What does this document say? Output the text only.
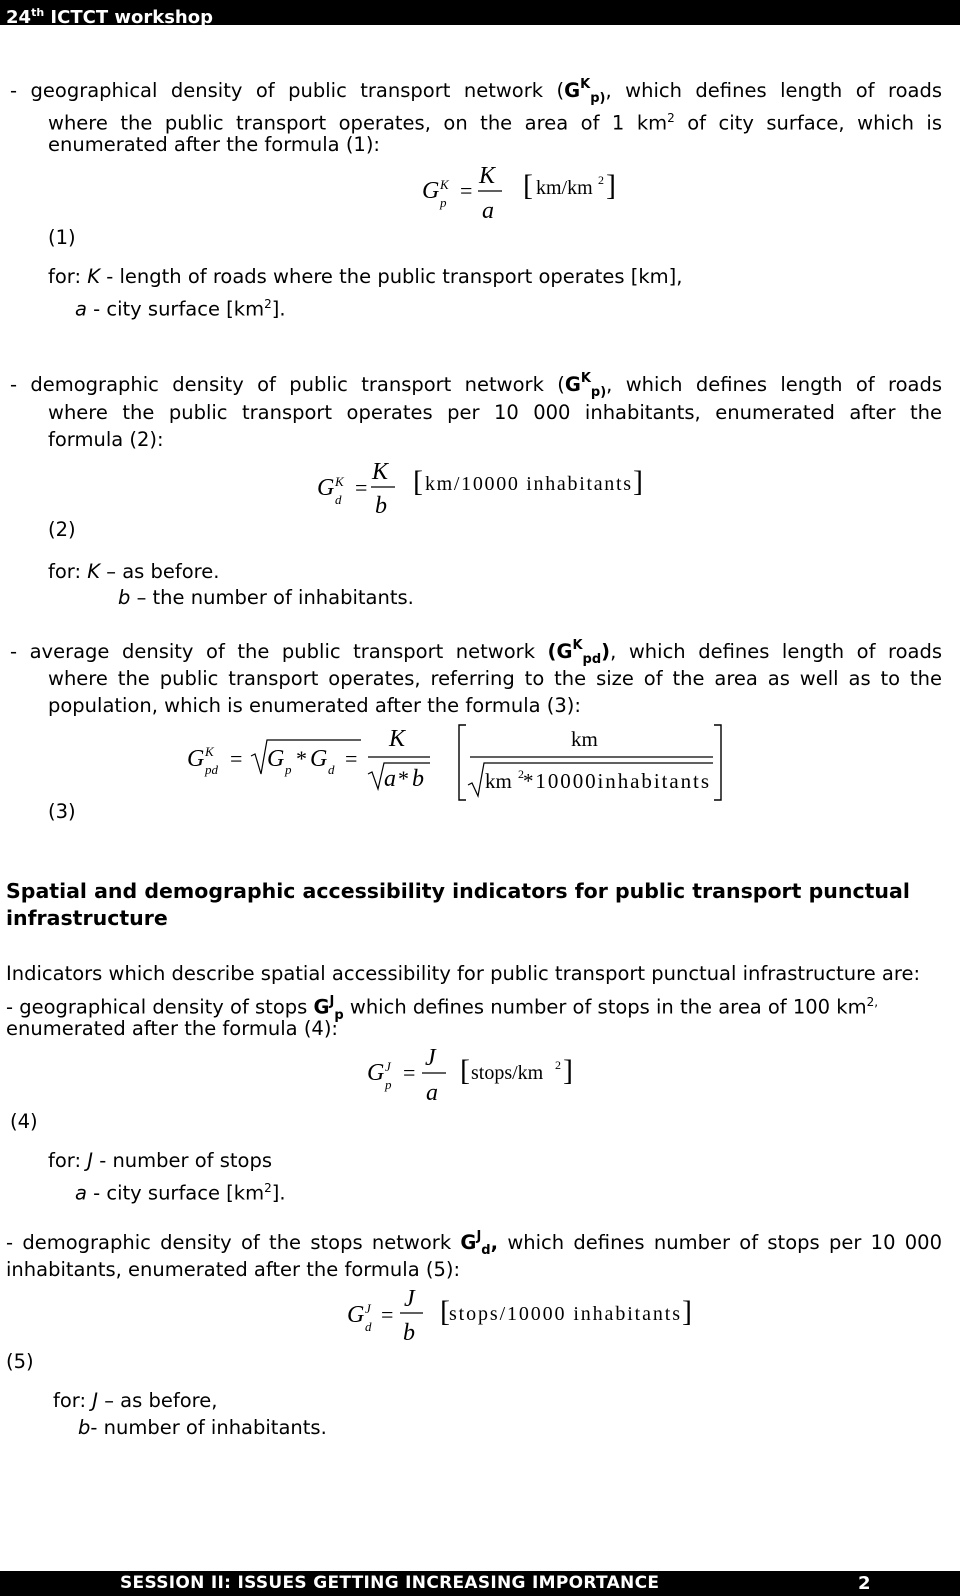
24th ICTCT workshop
- geographical density of public transport network ($G^K_{p)}$, which defines length of roads
where the public transport operates, on the area of 1 $km^2$ of city surface, which is
enumerated after the formula (1):
G K
p =
K
a
[ km/km 2 ]
(1)
for: K - length of roads where the public transport operates [km],
a - city surface $[km^2]$.
- demographic density of public transport network ($G^K_{p)}$, which defines length of roads
where the public transport operates per 10 000 inhabitants, enumerated after the
formula (2):
G K
d =
K
b
[ km/10000 inhabitants ]
(2)
for: K – as before.
b – the number of inhabitants.
- average density of the public transport network $(G^K_{pd})$, which defines length of roads
where the public transport operates, referring to the size of the area as well as to the
population, which is enumerated after the formula (3):
G K
pd = G p * G d =
K
a * b
km
km 2 *10000inhabitants
(3)
Spatial and demographic accessibility indicators for public transport punctual
infrastructure
Indicators which describe spatial accessibility for public transport punctual infrastructure are:
- geographical density of stops $G^J_p$ which defines number of stops in the area of 100 $km^{2,}$
enumerated after the formula (4):
G J
p =
J
a
[ stops/km 2 ]
(4)
for: J - number of stops
a - city surface $[km^2]$.
- demographic density of the stops network $G^J_d$, which defines number of stops per 10 000
inhabitants, enumerated after the formula (5):
G J
d =
J
b
[ stops/10000 inhabitants ]
(5)
for: J – as before,
b- number of inhabitants.
SESSION II: ISSUES GETTING INCREASING IMPORTANCE	2
